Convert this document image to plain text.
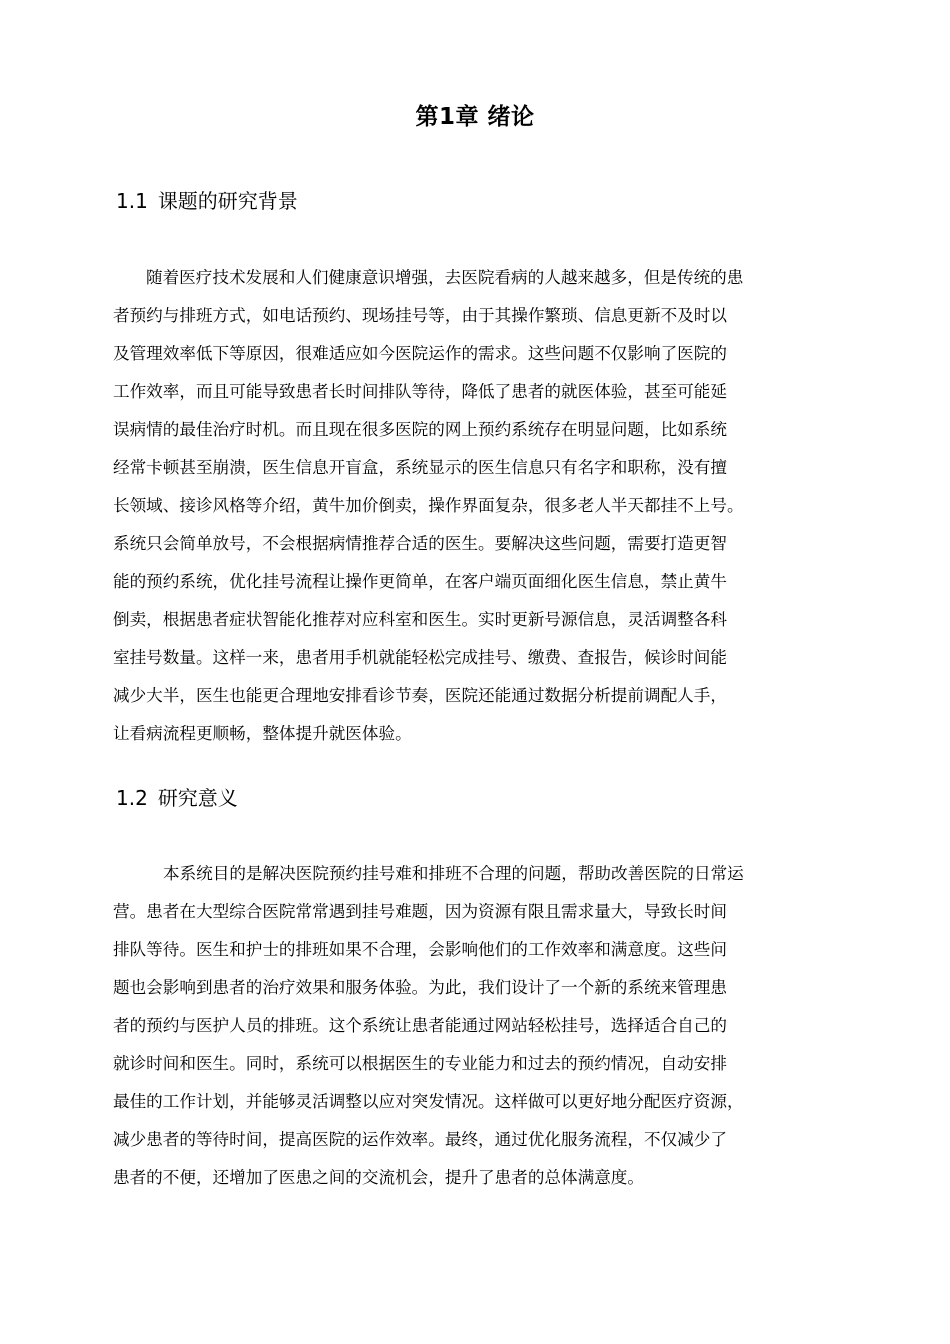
第1章 绪论
1.1 课题的研究背景
随着医疗技术发展和人们健康意识增强，去医院看病的人越来越多，但是传统的患
者预约与排班方式，如电话预约、现场挂号等，由于其操作繁琐、信息更新不及时以
及管理效率低下等原因，很难适应如今医院运作的需求。这些问题不仅影响了医院的
工作效率，而且可能导致患者长时间排队等待，降低了患者的就医体验，甚至可能延
误病情的最佳治疗时机。而且现在很多医院的网上预约系统存在明显问题，比如系统
经常卡顿甚至崩溃，医生信息开盲盒，系统显示的医生信息只有名字和职称，没有擅
长领域、接诊风格等介绍，黄牛加价倒卖，操作界面复杂，很多老人半天都挂不上号。
系统只会简单放号，不会根据病情推荐合适的医生。要解决这些问题，需要打造更智
能的预约系统，优化挂号流程让操作更简单，在客户端页面细化医生信息，禁止黄牛
倒卖，根据患者症状智能化推荐对应科室和医生。实时更新号源信息，灵活调整各科
室挂号数量。这样一来，患者用手机就能轻松完成挂号、缴费、查报告，候诊时间能
减少大半，医生也能更合理地安排看诊节奏，医院还能通过数据分析提前调配人手，
让看病流程更顺畅，整体提升就医体验。
1.2 研究意义
本系统目的是解决医院预约挂号难和排班不合理的问题，帮助改善医院的日常运
营。患者在大型综合医院常常遇到挂号难题，因为资源有限且需求量大，导致长时间
排队等待。医生和护士的排班如果不合理，会影响他们的工作效率和满意度。这些问
题也会影响到患者的治疗效果和服务体验。为此，我们设计了一个新的系统来管理患
者的预约与医护人员的排班。这个系统让患者能通过网站轻松挂号，选择适合自己的
就诊时间和医生。同时，系统可以根据医生的专业能力和过去的预约情况，自动安排
最佳的工作计划，并能够灵活调整以应对突发情况。这样做可以更好地分配医疗资源，
减少患者的等待时间，提高医院的运作效率。最终，通过优化服务流程，不仅减少了
患者的不便，还增加了医患之间的交流机会，提升了患者的总体满意度。
